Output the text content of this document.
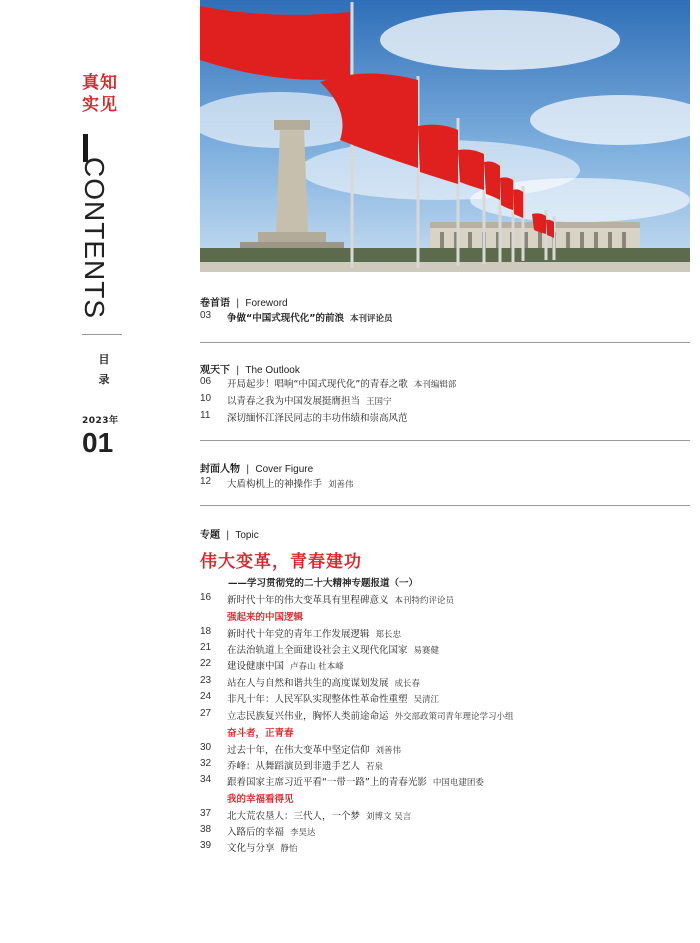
真知
实见
CONTENTS
目
录
2023年
01
卷首语 | Foreword
03	争做“中国式现代化”的前浪 本刊评论员
观天下 | The Outlook
06	开局起步！唱响“中国式现代化”的青春之歌 本刊编辑部
10	以青春之我为中国发展挺膺担当 王国宁
11	深切缅怀江泽民同志的丰功伟绩和崇高风范
封面人物 | Cover Figure
12	大盾构机上的神操作手 刘善伟
专题 | Topic
伟大变革，青春建功
——学习贯彻党的二十大精神专题报道（一）
16	新时代十年的伟大变革具有里程碑意义 本刊特约评论员
强起来的中国逻辑
18	新时代十年党的青年工作发展逻辑 郑长忠
21	在法治轨道上全面建设社会主义现代化国家 易赛健
22	建设健康中国 卢春山 杜本峰
23	站在人与自然和谐共生的高度谋划发展 成长春
24	非凡十年：人民军队实现整体性革命性重塑 吴清江
27	立志民族复兴伟业，胸怀人类前途命运 外交部政策司青年理论学习小组
奋斗者，正青春
30	过去十年，在伟大变革中坚定信仰 刘善伟
32	乔峰：从舞蹈演员到非遗手艺人 若泉
34	跟着国家主席习近平看“一带一路”上的青春光影 中国电建团委
我的幸福看得见
37	北大荒农垦人：三代人，一个梦 刘博文 吴言
38	入路后的幸福 李昊达
39	文化与分享 静怡
